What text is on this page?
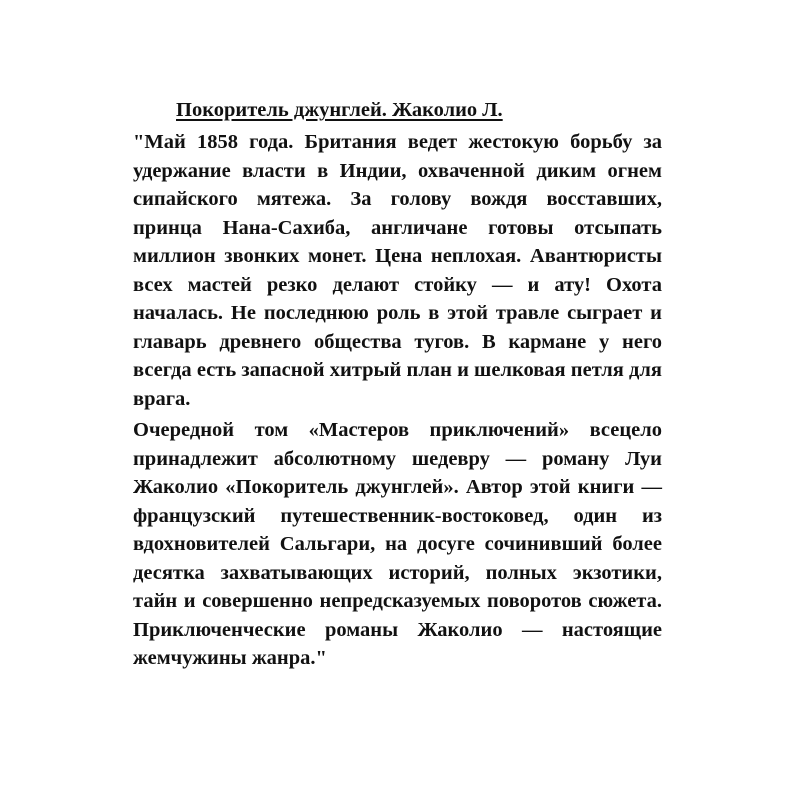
Покоритель джунглей. Жаколио Л.

"Май 1858 года. Британия ведет жестокую борьбу за удержание власти в Индии, охваченной диким огнем сипайского мятежа. За голову вождя восставших, принца Нана-Сахиба, англичане готовы отсыпать миллион звонких монет. Цена неплохая. Авантюристы всех мастей резко делают стойку — и ату! Охота началась. Не последнюю роль в этой травле сыграет и главарь древнего общества тугов. В кармане у него всегда есть запасной хитрый план и шелковая петля для врага.

Очередной том «Мастеров приключений» всецело принадлежит абсолютному шедевру — роману Луи Жаколио «Покоритель джунглей». Автор этой книги — французский путешественник-востоковед, один из вдохновителей Сальгари, на досуге сочинивший более десятка захватывающих историй, полных экзотики, тайн и совершенно непредсказуемых поворотов сюжета. Приключенческие романы Жаколио — настоящие жемчужины жанра."
